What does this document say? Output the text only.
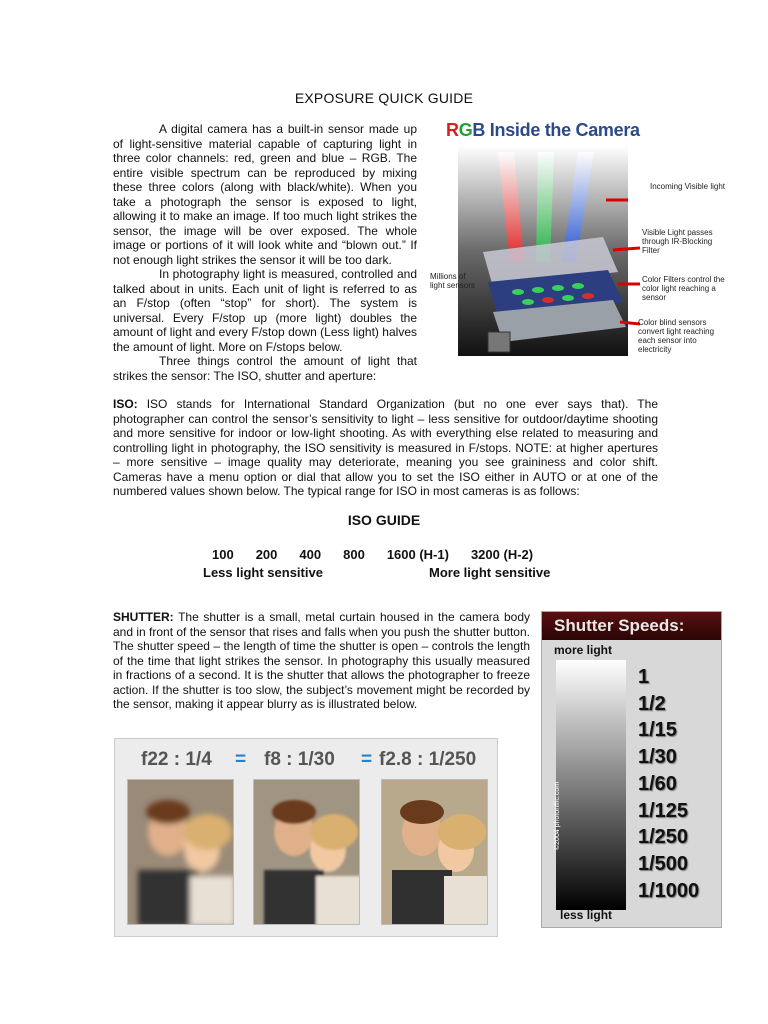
EXPOSURE QUICK GUIDE

A digital camera has a built-in sensor made up of light-sensitive material capable of capturing light in three color channels: red, green and blue – RGB. The entire visible spectrum can be reproduced by mixing these three colors (along with black/white). When you take a photograph the sensor is exposed to light, allowing it to make an image. If too much light strikes the sensor, the image will be over exposed. The whole image or portions of it will look white and “blown out.” If not enough light strikes the sensor it will be too dark.

In photography light is measured, controlled and talked about in units. Each unit of light is referred to as an F/stop (often “stop” for short). The system is universal. Every F/stop up (more light) doubles the amount of light and every F/stop down (Less light) halves the amount of light. More on F/stops below.

Three things control the amount of light that strikes the sensor: The ISO, shutter and aperture:

RGB Inside the Camera
Incoming Visible light
Visible Light passes through IR-Blocking Filter
Color Filters control the color light reaching a sensor
Millions of light sensors
Color blind sensors convert light reaching each sensor into electricity
ISO: ISO stands for International Standard Organization (but no one ever says that). The photographer can control the sensor’s sensitivity to light – less sensitive for outdoor/daytime shooting and more sensitive for indoor or low-light shooting. As with everything else related to measuring and controlling light in photography, the ISO sensitivity is measured in F/stops. NOTE: at higher apertures – more sensitive – image quality may deteriorate, meaning you see graininess and color shift. Cameras have a menu option or dial that allow you to set the ISO either in AUTO or at one of the numbered values shown below. The typical range for ISO in most cameras is as follows:
ISO GUIDE
100 200 400 800 1600 (H-1) 3200 (H-2)
Less light sensitive	More light sensitive
SHUTTER: The shutter is a small, metal curtain housed in the camera body and in front of the sensor that rises and falls when you push the shutter button. The shutter speed – the length of time the shutter is open – controls the length of the time that light strikes the sensor. In photography this usually measured in fractions of a second. It is the shutter that allows the photographer to freeze action. If the shutter is too slow, the subject’s movement might be recorded by the sensor, making it appear blurry as is illustrated below.
Shutter Speeds:
more light
©2004 photoriffic.com
1
1/2
1/15
1/30
1/60
1/125
1/250
1/500
1/1000
less light
f22 : 1/4 = f8 : 1/30 = f2.8 : 1/250
